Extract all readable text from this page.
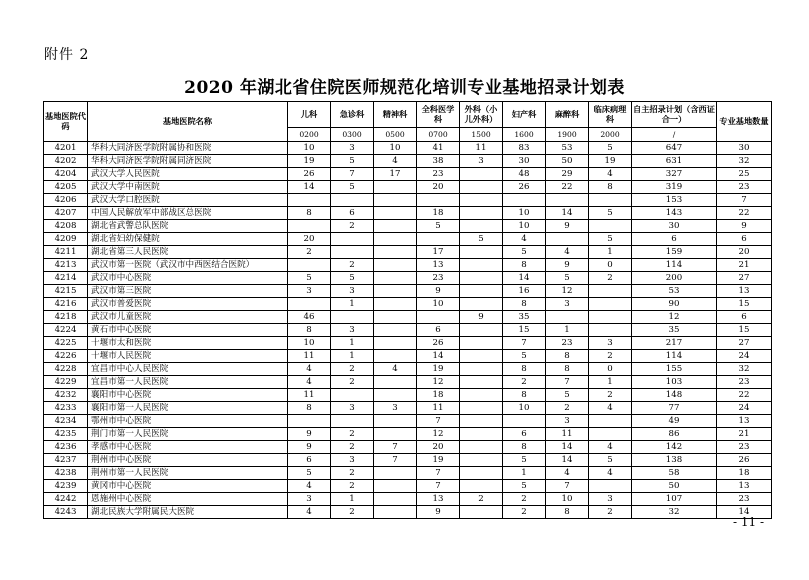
附件 2
2020 年湖北省住院医师规范化培训专业基地招录计划表
基地医院代码	基地医院名称	儿科	急诊科	精神科	全科医学科	外科（小儿外科）	妇产科	麻醉科	临床病理科	自主招录计划（含西证合一）	专业基地数量
		0200	0300	0500	0700	1500	1600	1900	2000	/	
4201	华科大同济医学院附属协和医院	10	3	10	41	11	83	53	5	647	30
4202	华科大同济医学院附属同济医院	19	5	4	38	3	30	50	19	631	32
4204	武汉大学人民医院	26	7	17	23		48	29	4	327	25
4205	武汉大学中南医院	14	5		20		26	22	8	319	23
4206	武汉大学口腔医院									153	7
4207	中国人民解放军中部战区总医院	8	6		18		10	14	5	143	22
4208	湖北省武警总队医院		2		5		10	9		30	9
4209	湖北省妇幼保健院	20				5	4		5	6	6
4211	湖北省第三人民医院	2			17		5	4	1	159	20
4213	武汉市第一医院（武汉市中西医结合医院）		2		13		8	9	0	114	21
4214	武汉市中心医院	5	5		23		14	5	2	200	27
4215	武汉市第三医院	3	3		9		16	12		53	13
4216	武汉市普爱医院		1		10		8	3		90	15
4218	武汉市儿童医院	46				9	35			12	6
4224	黄石市中心医院	8	3		6		15	1		35	15
4225	十堰市太和医院	10	1		26		7	23	3	217	27
4226	十堰市人民医院	11	1		14		5	8	2	114	24
4228	宜昌市中心人民医院	4	2	4	19		8	8	0	155	32
4229	宜昌市第一人民医院	4	2		12		2	7	1	103	23
4232	襄阳市中心医院	11			18		8	5	2	148	22
4233	襄阳市第一人民医院	8	3	3	11		10	2	4	77	24
4234	鄂州市中心医院				7			3		49	13
4235	荆门市第一人民医院	9	2		12		6	11		86	21
4236	孝感市中心医院	9	2	7	20		8	14	4	142	23
4237	荆州市中心医院	6	3	7	19		5	14	5	138	26
4238	荆州市第一人民医院	5	2		7		1	4	4	58	18
4239	黄冈市中心医院	4	2		7		5	7		50	13
4242	恩施州中心医院	3	1		13	2	2	10	3	107	23
4243	湖北民族大学附属民大医院	4	2		9		2	8	2	32	14
- 11 -
